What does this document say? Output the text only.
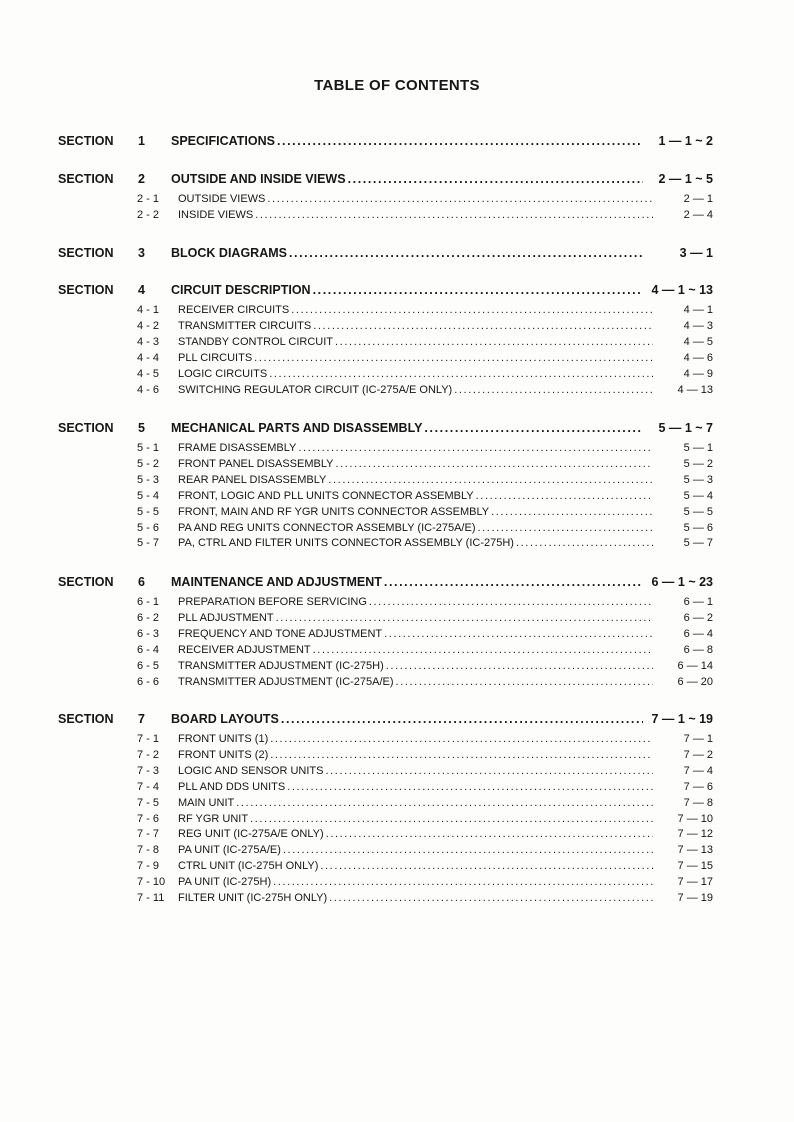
TABLE OF CONTENTS
SECTION 1 SPECIFICATIONS .....	1 — 1 ~ 2
SECTION 2 OUTSIDE AND INSIDE VIEWS .....	2 — 1 ~ 5
2 - 1 OUTSIDE VIEWS .....	2 — 1
2 - 2 INSIDE VIEWS .....	2 — 4
SECTION 3 BLOCK DIAGRAMS .....	3 — 1
SECTION 4 CIRCUIT DESCRIPTION .....	4 — 1 ~ 13
4 - 1 RECEIVER CIRCUITS .....	4 — 1
4 - 2 TRANSMITTER CIRCUITS .....	4 — 3
4 - 3 STANDBY CONTROL CIRCUIT .....	4 — 5
4 - 4 PLL CIRCUITS .....	4 — 6
4 - 5 LOGIC CIRCUITS .....	4 — 9
4 - 6 SWITCHING REGULATOR CIRCUIT (IC-275A/E ONLY) .....	4 — 13
SECTION 5 MECHANICAL PARTS AND DISASSEMBLY .....	5 — 1 ~ 7
5 - 1 FRAME DISASSEMBLY .....	5 — 1
5 - 2 FRONT PANEL DISASSEMBLY .....	5 — 2
5 - 3 REAR PANEL DISASSEMBLY .....	5 — 3
5 - 4 FRONT, LOGIC AND PLL UNITS CONNECTOR ASSEMBLY .....	5 — 4
5 - 5 FRONT, MAIN AND RF YGR UNITS CONNECTOR ASSEMBLY .....	5 — 5
5 - 6 PA AND REG UNITS CONNECTOR ASSEMBLY (IC-275A/E) .....	5 — 6
5 - 7 PA, CTRL AND FILTER UNITS CONNECTOR ASSEMBLY (IC-275H) .....	5 — 7
SECTION 6 MAINTENANCE AND ADJUSTMENT .....	6 — 1 ~ 23
6 - 1 PREPARATION BEFORE SERVICING .....	6 — 1
6 - 2 PLL ADJUSTMENT .....	6 — 2
6 - 3 FREQUENCY AND TONE ADJUSTMENT .....	6 — 4
6 - 4 RECEIVER ADJUSTMENT .....	6 — 8
6 - 5 TRANSMITTER ADJUSTMENT (IC-275H) .....	6 — 14
6 - 6 TRANSMITTER ADJUSTMENT (IC-275A/E) .....	6 — 20
SECTION 7 BOARD LAYOUTS .....	7 — 1 ~ 19
7 - 1 FRONT UNITS (1) .....	7 — 1
7 - 2 FRONT UNITS (2) .....	7 — 2
7 - 3 LOGIC AND SENSOR UNITS .....	7 — 4
7 - 4 PLL AND DDS UNITS .....	7 — 6
7 - 5 MAIN UNIT .....	7 — 8
7 - 6 RF YGR UNIT .....	7 — 10
7 - 7 REG UNIT (IC-275A/E ONLY) .....	7 — 12
7 - 8 PA UNIT (IC-275A/E) .....	7 — 13
7 - 9 CTRL UNIT (IC-275H ONLY) .....	7 — 15
7 - 10 PA UNIT (IC-275H) .....	7 — 17
7 - 11 FILTER UNIT (IC-275H ONLY) .....	7 — 19
